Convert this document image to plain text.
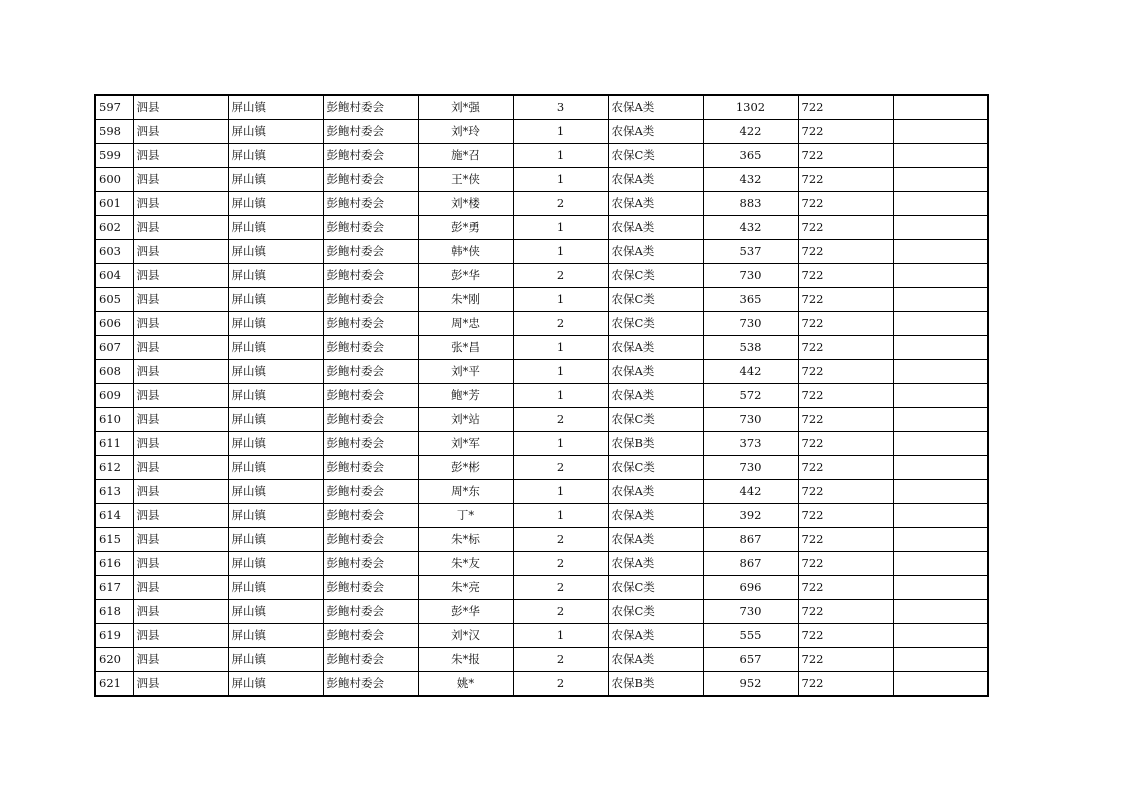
597	泗县	屏山镇	彭鲍村委会	刘*强	3	农保A类	1302	722	
598	泗县	屏山镇	彭鲍村委会	刘*玲	1	农保A类	422	722	
599	泗县	屏山镇	彭鲍村委会	施*召	1	农保C类	365	722	
600	泗县	屏山镇	彭鲍村委会	王*侠	1	农保A类	432	722	
601	泗县	屏山镇	彭鲍村委会	刘*楼	2	农保A类	883	722	
602	泗县	屏山镇	彭鲍村委会	彭*勇	1	农保A类	432	722	
603	泗县	屏山镇	彭鲍村委会	韩*侠	1	农保A类	537	722	
604	泗县	屏山镇	彭鲍村委会	彭*华	2	农保C类	730	722	
605	泗县	屏山镇	彭鲍村委会	朱*刚	1	农保C类	365	722	
606	泗县	屏山镇	彭鲍村委会	周*忠	2	农保C类	730	722	
607	泗县	屏山镇	彭鲍村委会	张*昌	1	农保A类	538	722	
608	泗县	屏山镇	彭鲍村委会	刘*平	1	农保A类	442	722	
609	泗县	屏山镇	彭鲍村委会	鲍*芳	1	农保A类	572	722	
610	泗县	屏山镇	彭鲍村委会	刘*站	2	农保C类	730	722	
611	泗县	屏山镇	彭鲍村委会	刘*军	1	农保B类	373	722	
612	泗县	屏山镇	彭鲍村委会	彭*彬	2	农保C类	730	722	
613	泗县	屏山镇	彭鲍村委会	周*东	1	农保A类	442	722	
614	泗县	屏山镇	彭鲍村委会	丁*	1	农保A类	392	722	
615	泗县	屏山镇	彭鲍村委会	朱*标	2	农保A类	867	722	
616	泗县	屏山镇	彭鲍村委会	朱*友	2	农保A类	867	722	
617	泗县	屏山镇	彭鲍村委会	朱*亮	2	农保C类	696	722	
618	泗县	屏山镇	彭鲍村委会	彭*华	2	农保C类	730	722	
619	泗县	屏山镇	彭鲍村委会	刘*汉	1	农保A类	555	722	
620	泗县	屏山镇	彭鲍村委会	朱*报	2	农保A类	657	722	
621	泗县	屏山镇	彭鲍村委会	姚*	2	农保B类	952	722	
